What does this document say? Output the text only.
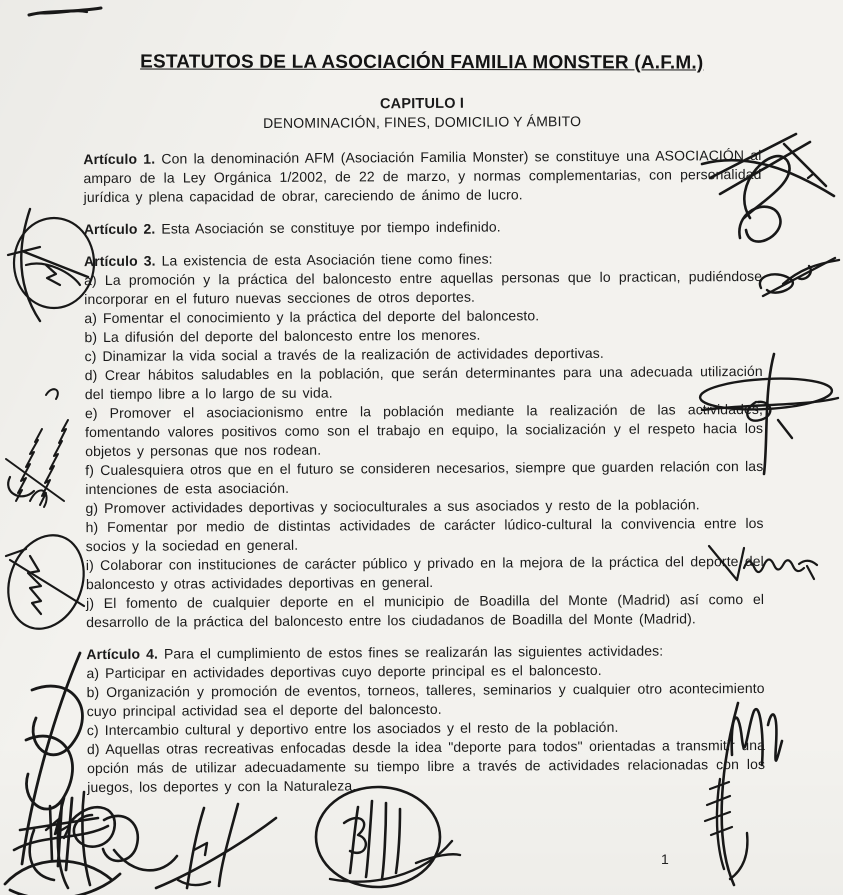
ESTATUTOS DE LA ASOCIACIÓN FAMILIA MONSTER (A.F.M.)
CAPITULO I
DENOMINACIÓN, FINES, DOMICILIO Y ÁMBITO

Artículo 1. Con la denominación AFM (Asociación Familia Monster) se constituye una ASOCIACIÓN al amparo de la Ley Orgánica 1/2002, de 22 de marzo, y normas complementarias, con personalidad jurídica y plena capacidad de obrar, careciendo de ánimo de lucro.

Artículo 2. Esta Asociación se constituye por tiempo indefinido.

Artículo 3. La existencia de esta Asociación tiene como fines:

a) La promoción y la práctica del baloncesto entre aquellas personas que lo practican, pudiéndose incorporar en el futuro nuevas secciones de otros deportes.

a) Fomentar el conocimiento y la práctica del deporte del baloncesto.

b) La difusión del deporte del baloncesto entre los menores.

c) Dinamizar la vida social a través de la realización de actividades deportivas.

d) Crear hábitos saludables en la población, que serán determinantes para una adecuada utilización del tiempo libre a lo largo de su vida.

e) Promover el asociacionismo entre la población mediante la realización de las actividades, fomentando valores positivos como son el trabajo en equipo, la socialización y el respeto hacia los objetos y personas que nos rodean.

f) Cualesquiera otros que en el futuro se consideren necesarios, siempre que guarden relación con las intenciones de esta asociación.

g) Promover actividades deportivas y socioculturales a sus asociados y resto de la población.

h) Fomentar por medio de distintas actividades de carácter lúdico-cultural la convivencia entre los socios y la sociedad en general.

i) Colaborar con instituciones de carácter público y privado en la mejora de la práctica del deporte del baloncesto y otras actividades deportivas en general.

j) El fomento de cualquier deporte en el municipio de Boadilla del Monte (Madrid) así como el desarrollo de la práctica del baloncesto entre los ciudadanos de Boadilla del Monte (Madrid).

Artículo 4. Para el cumplimiento de estos fines se realizarán las siguientes actividades:

a) Participar en actividades deportivas cuyo deporte principal es el baloncesto.

b) Organización y promoción de eventos, torneos, talleres, seminarios y cualquier otro acontecimiento cuyo principal actividad sea el deporte del baloncesto.

c) Intercambio cultural y deportivo entre los asociados y el resto de la población.

d) Aquellas otras recreativas enfocadas desde la idea "deporte para todos" orientadas a transmitir una opción más de utilizar adecuadamente su tiempo libre a través de actividades relacionadas con los juegos, los deportes y con la Naturaleza.

1
